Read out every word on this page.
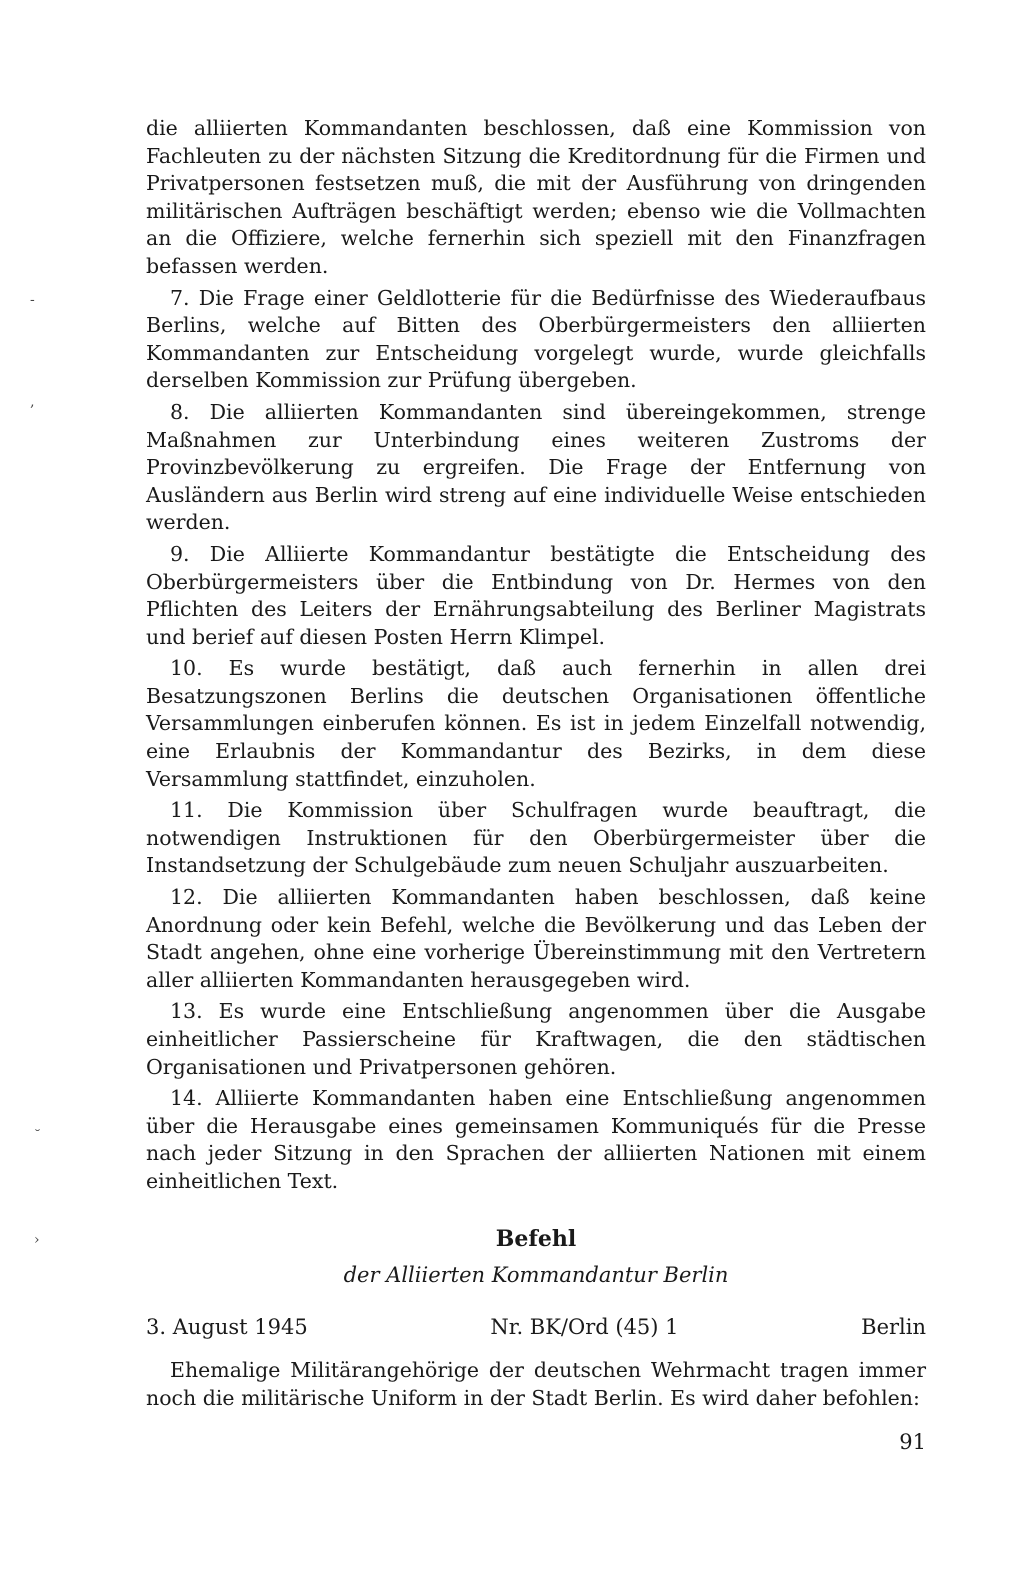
die alliierten Kommandanten beschlossen, daß eine Kommission von Fachleuten zu der nächsten Sitzung die Kreditordnung für die Firmen und Privatpersonen festsetzen muß, die mit der Ausführung von dringenden militärischen Aufträgen beschäftigt werden; ebenso wie die Vollmachten an die Offiziere, welche fernerhin sich speziell mit den Finanzfragen befassen werden.

7. Die Frage einer Geldlotterie für die Bedürfnisse des Wiederaufbaus Berlins, welche auf Bitten des Oberbürgermeisters den alliierten Kommandanten zur Entscheidung vorgelegt wurde, wurde gleichfalls derselben Kommission zur Prüfung übergeben.

8. Die alliierten Kommandanten sind übereingekommen, strenge Maßnahmen zur Unterbindung eines weiteren Zustroms der Provinzbevölkerung zu ergreifen. Die Frage der Entfernung von Ausländern aus Berlin wird streng auf eine individuelle Weise entschieden werden.

9. Die Alliierte Kommandantur bestätigte die Entscheidung des Oberbürgermeisters über die Entbindung von Dr. Hermes von den Pflichten des Leiters der Ernährungsabteilung des Berliner Magistrats und berief auf diesen Posten Herrn Klimpel.

10. Es wurde bestätigt, daß auch fernerhin in allen drei Besatzungszonen Berlins die deutschen Organisationen öffentliche Versammlungen einberufen können. Es ist in jedem Einzelfall notwendig, eine Erlaubnis der Kommandantur des Bezirks, in dem diese Versammlung stattfindet, einzuholen.

11. Die Kommission über Schulfragen wurde beauftragt, die notwendigen Instruktionen für den Oberbürgermeister über die Instandsetzung der Schulgebäude zum neuen Schuljahr auszuarbeiten.

12. Die alliierten Kommandanten haben beschlossen, daß keine Anordnung oder kein Befehl, welche die Bevölkerung und das Leben der Stadt angehen, ohne eine vorherige Übereinstimmung mit den Vertretern aller alliierten Kommandanten herausgegeben wird.

13. Es wurde eine Entschließung angenommen über die Ausgabe einheitlicher Passierscheine für Kraftwagen, die den städtischen Organisationen und Privatpersonen gehören.

14. Alliierte Kommandanten haben eine Entschließung angenommen über die Herausgabe eines gemeinsamen Kommuniqués für die Presse nach jeder Sitzung in den Sprachen der alliierten Nationen mit einem einheitlichen Text.

Befehl

der Alliierten Kommandantur Berlin

3. August 1945	Nr. BK/Ord (45) 1	Berlin

Ehemalige Militärangehörige der deutschen Wehrmacht tragen immer noch die militärische Uniform in der Stadt Berlin. Es wird daher befohlen:

91
-
‚
˘
›
